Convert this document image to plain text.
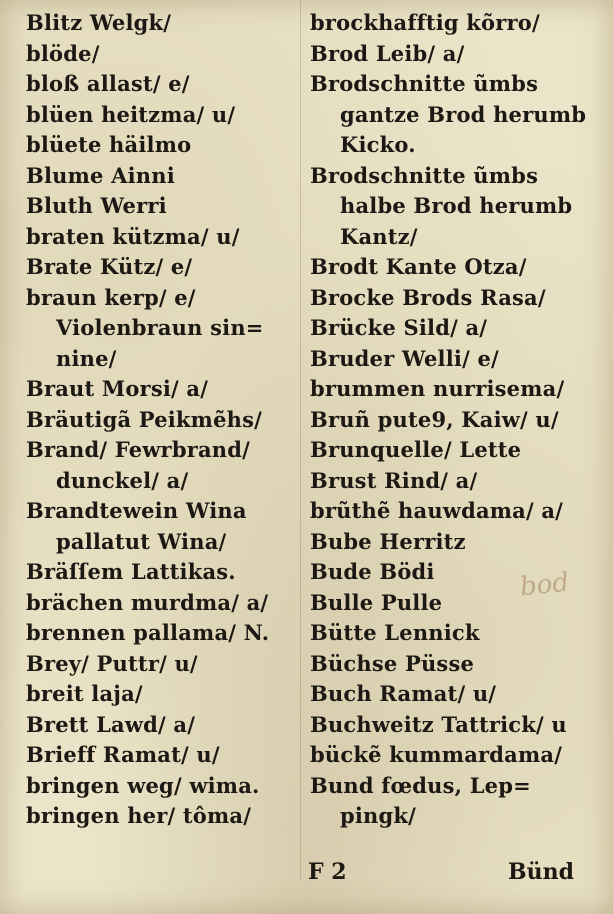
Blitz Welgk/
blöde/
bloß allast/ e/
blüen heitzma/ u/
blüete häilmo
Blume Ainni
Bluth Werri
braten kützma/ u/
Brate Kütz/ e/
braun kerp/ e/
Violenbraun sin=
nine/
Braut Morsi/ a/
Bräutigã Peikmẽhs/
Brand/ Fewrbrand/
dunckel/ a/
Brandtewein Wina
pallatut Wina/
Bräſſem Lattikas.
brächen murdma/ a/
brennen pallama/ N.
Brey/ Puttr/ u/
breit laja/
Brett Lawd/ a/
Brieff Ramat/ u/
bringen weg/ wima.
bringen her/ tôma/
brockhafftig kõrro/
Brod Leib/ a/
Brodschnitte ũmbs
gantze Brod herumb
Kicko.
Brodschnitte ũmbs
halbe Brod herumb
Kantz/
Brodt Kante Otza/
Brocke Brods Rasa/
Brücke Sild/ a/
Bruder Welli/ e/
brummen nurrisema/
Bruñ pute9, Kaiw/ u/
Brunquelle/ Lette
Brust Rind/ a/
brũthẽ hauwdama/ a/
Bube Herritz
Bude Bödi
Bulle Pulle
Bütte Lennick
Büchse Püsse
Buch Ramat/ u/
Buchweitz Tattrick/ u
bückẽ kummardama/
Bund fœdus, Lep=
pingk/
bod
F 2	Bünd
